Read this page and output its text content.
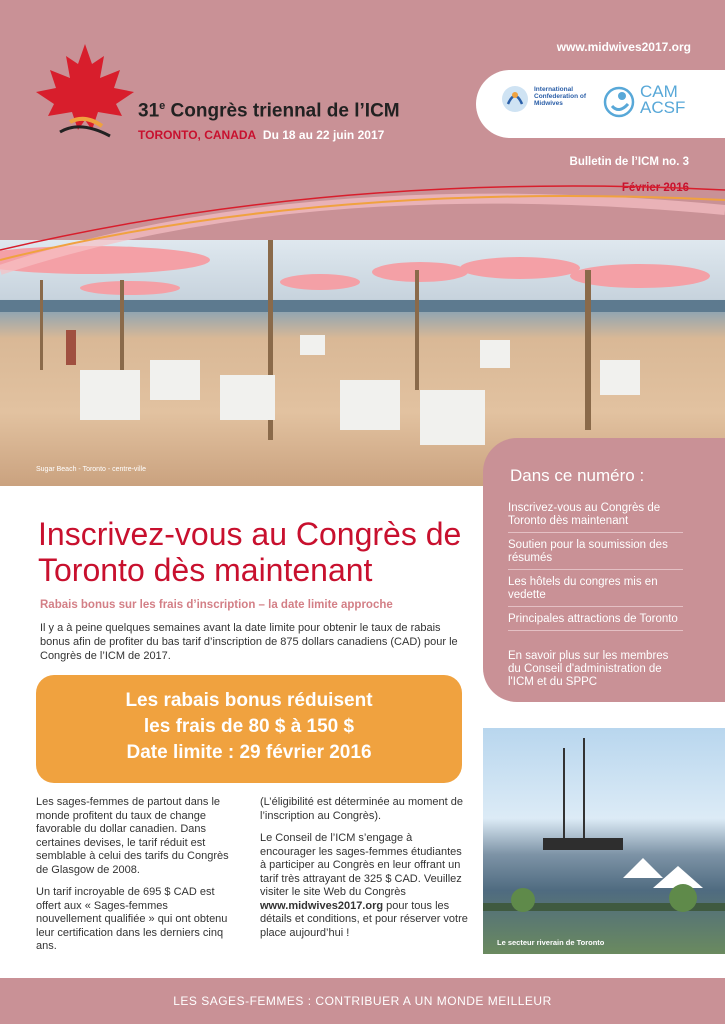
www.midwives2017.org
International Confederation of Midwives
CAM
ACSF
31e Congrès triennal de l’ICM
TORONTO, CANADA Du 18 au 22 juin 2017
Bulletin de l’ICM no. 3
Février 2016
Sugar Beach - Toronto - centre-ville	Dans ce numéro :
Inscrivez-vous au Congrès de Toronto dès maintenant
Soutien pour la soumission des résumés
Les hôtels du congres mis en vedette
Principales attractions de Toronto
En savoir plus sur les membres du Conseil d'administration de l'ICM et du SPPC
Inscrivez-vous au Congrès de Toronto dès maintenant
Rabais bonus sur les frais d’inscription – la date limite approche
Il y a à peine quelques semaines avant la date limite pour obtenir le taux de rabais bonus afin de profiter du bas tarif d’inscription de 875 dollars canadiens (CAD) pour le Congrès de l’ICM de 2017.
Les rabais bonus réduisent
les frais de 80 $ à 150 $
Date limite : 29 février 2016

Les sages-femmes de partout dans le monde profitent du taux de change favorable du dollar canadien. Dans certaines devises, le tarif réduit est semblable à celui des tarifs du Congrès de Glasgow de 2008.

Un tarif incroyable de 695 $ CAD est offert aux « Sages-femmes nouvellement qualifiée » qui ont obtenu leur certification dans les derniers cinq ans.

(L’éligibilité est déterminée au moment de l’inscription au Congrès).

Le Conseil de l’ICM s’engage à encourager les sages-femmes étudiantes à participer au Congrès en leur offrant un tarif très attrayant de 325 $ CAD. Veuillez visiter le site Web du Congrès www.midwives2017.org pour tous les détails et conditions, et pour réserver votre place aujourd’hui !

Le secteur riverain de Toronto
LES SAGES-FEMMES : CONTRIBUER A UN MONDE MEILLEUR
